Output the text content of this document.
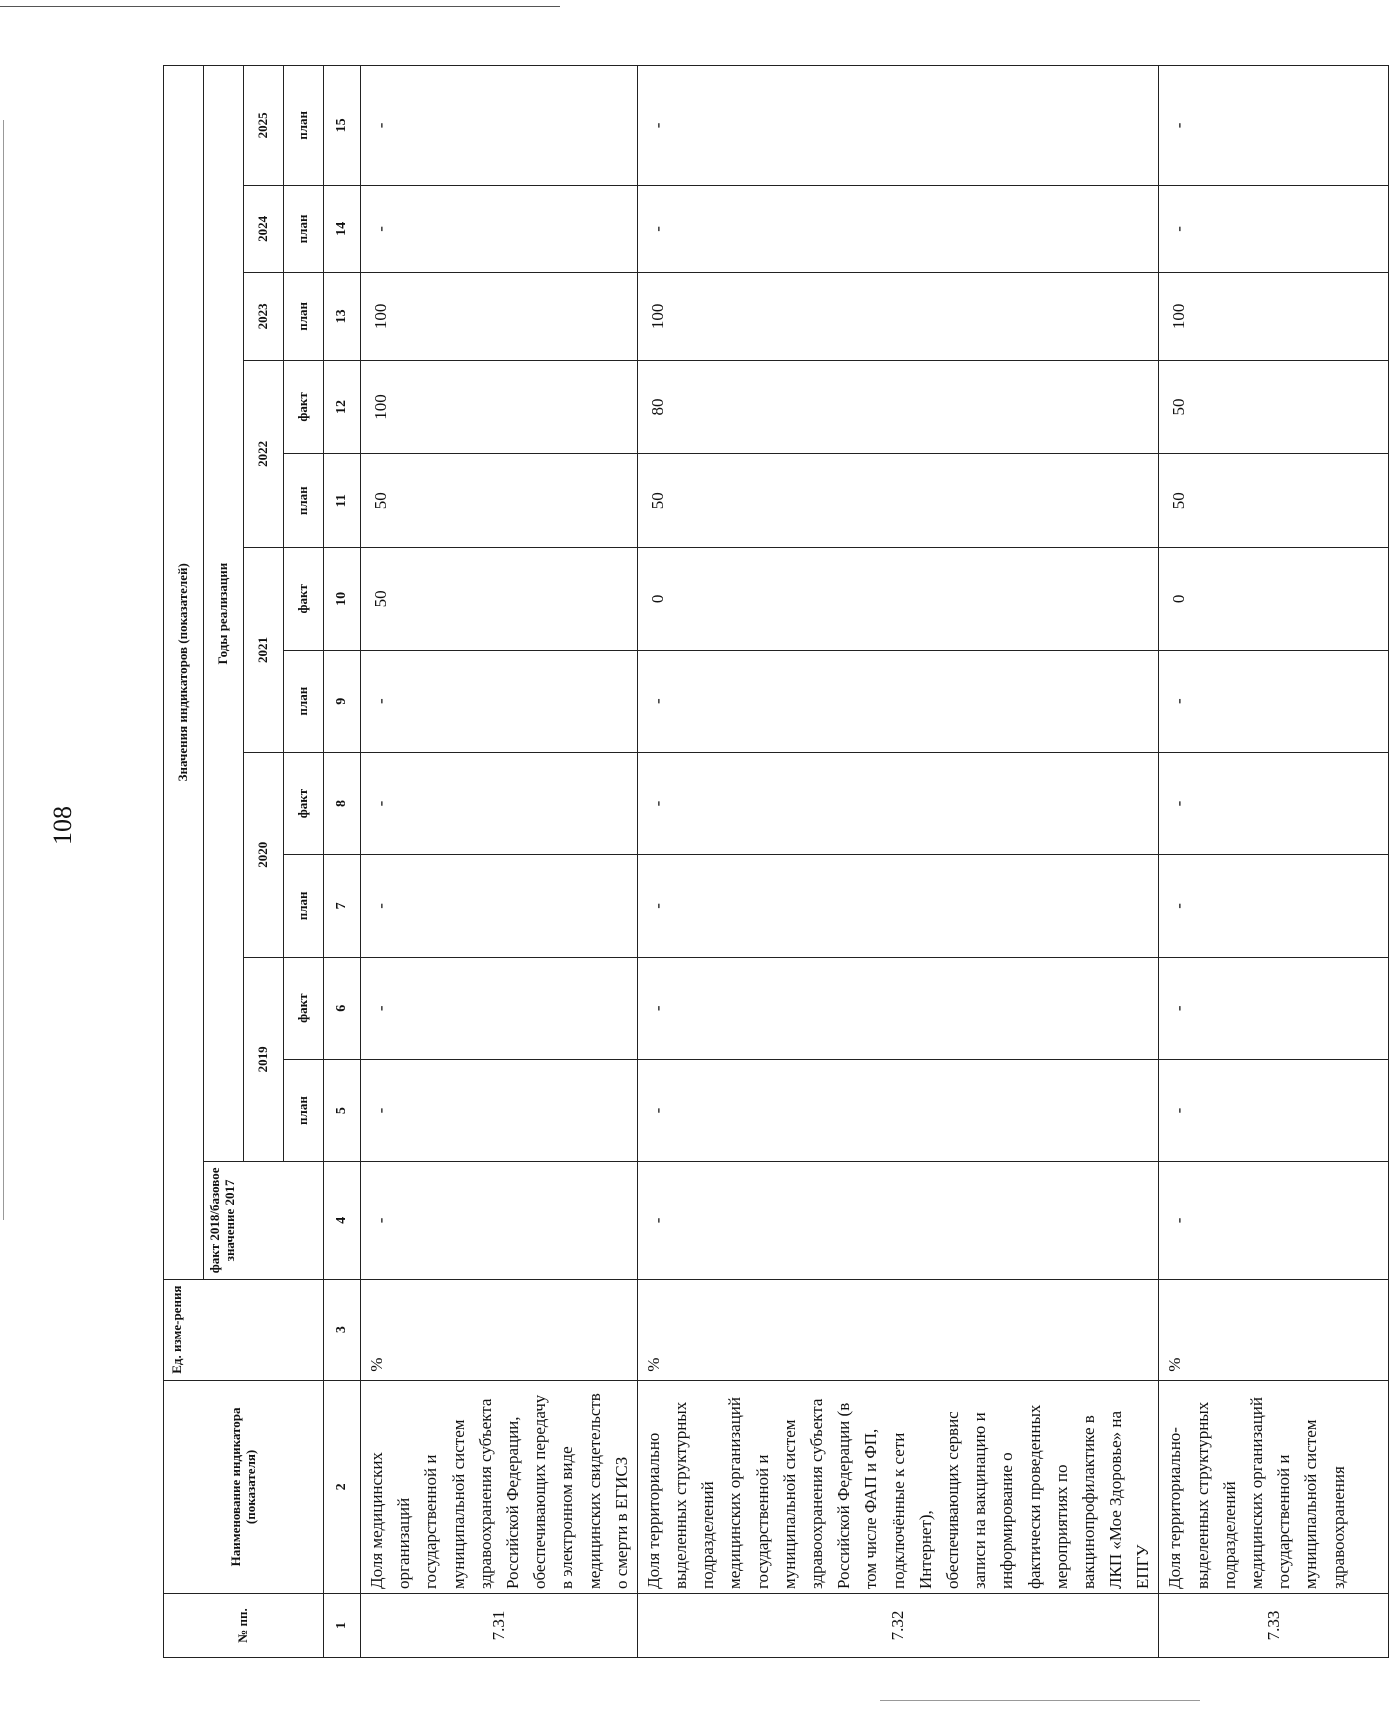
108
№ пп.	Наименование индикатора (показателя)	Ед. изме-рения	Значения индикаторов (показателей)											
			факт 2018/базовое значение 2017	Годы реализации										
				2019		2020		2021		2022		2023	2024	2025
				план	факт	план	факт	план	факт	план	факт	план	план	план
1	2	3	4	5	6	7	8	9	10	11	12	13	14	15
7.31	Доля медицинских организаций государственной и муниципальной систем здравоохранения субъекта Российской Федерации, обеспечивающих передачу в электронном виде медицинских свидетельств о смерти в ЕГИСЗ	%	-	-	-	-	-	-	50	50	100	100	-	-
7.32	Доля территориально выделенных структурных подразделений медицинских организаций государственной и муниципальной систем здравоохранения субъекта Российской Федерации (в том числе ФАП и ФП, подключённые к сети Интернет), обеспечивающих сервис записи на вакцинацию и информирование о фактически проведенных мероприятиях по вакцинопрофилактике в ЛКП «Мое Здоровье» на ЕПГУ	%	-	-	-	-	-	-	0	50	80	100	-	-
7.33	Доля территориально-выделенных структурных подразделений медицинских организаций государственной и муниципальной систем здравоохранения	%	-	-	-	-	-	-	0	50	50	100	-	-
